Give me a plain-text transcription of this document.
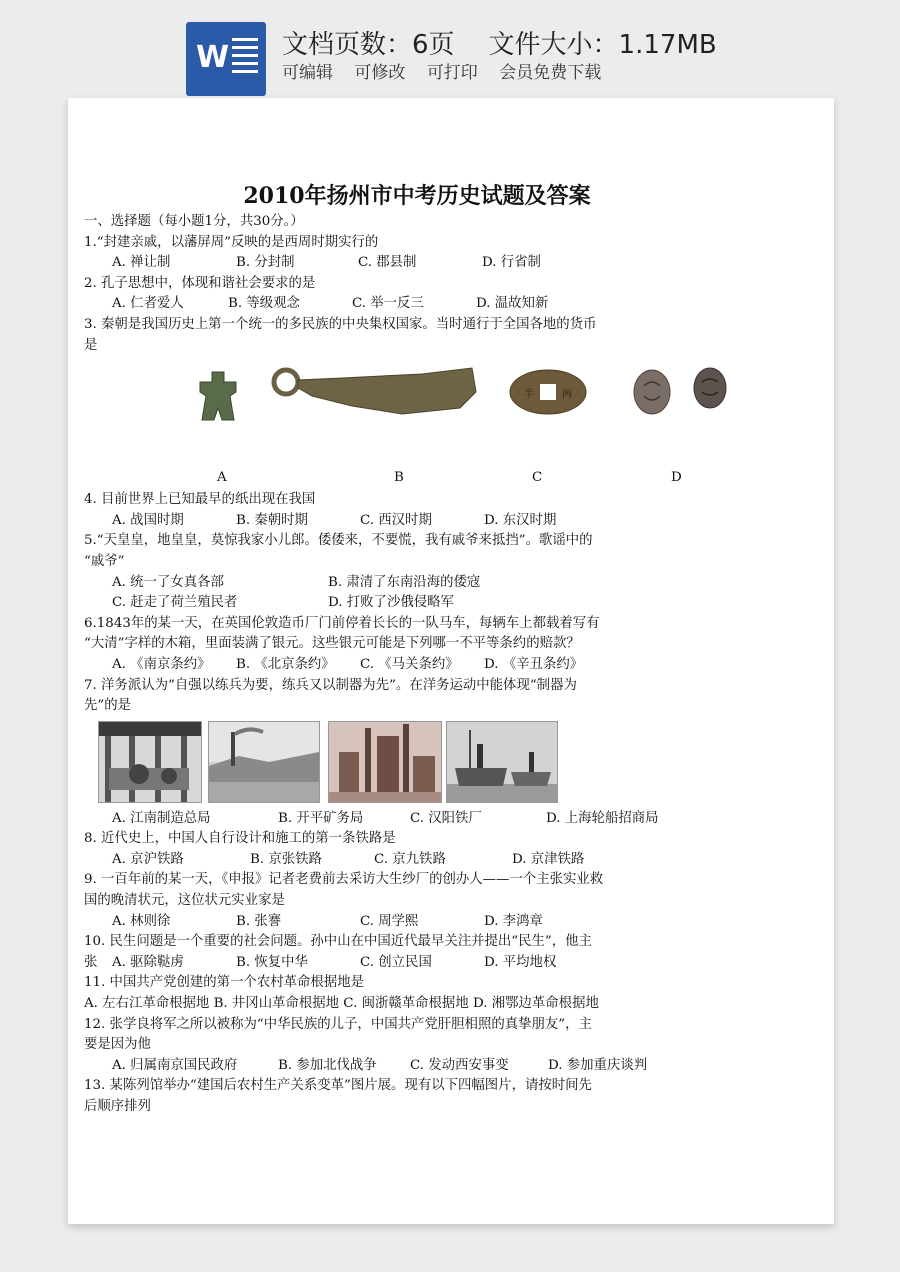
W 文档页数：6页 文件大小：1.17MB
可编辑 可修改 可打印 会员免费下载
2010年扬州市中考历史试题及答案
一、选择题（每小题1分，共30分。）
1.“封建亲戚，以藩屏周”反映的是西周时期实行的
A. 禅让制	B. 分封制	C. 郡县制	D. 行省制
2. 孔子思想中，体现和谐社会要求的是
A. 仁者爱人	B. 等级观念	C. 举一反三	D. 温故知新
3. 秦朝是我国历史上第一个统一的多民族的中央集权国家。当时通行于全国各地的货币
是
半	两
A	B	C	D
4. 目前世界上已知最早的纸出现在我国
A. 战国时期	B. 秦朝时期	C. 西汉时期	D. 东汉时期
5.“天皇皇，地皇皇，莫惊我家小儿郎。倭倭来，不要慌，我有戚爷来抵挡”。歌谣中的
“戚爷”
A. 统一了女真各部	B. 肃清了东南沿海的倭寇
C. 赶走了荷兰殖民者	D. 打败了沙俄侵略军
6.1843年的某一天，在英国伦敦造币厂门前停着长长的一队马车，每辆车上都载着写有
“大清”字样的木箱，里面装满了银元。这些银元可能是下列哪一不平等条约的赔款？
A. 《南京条约》 B. 《北京条约》 C. 《马关条约》 D. 《辛丑条约》
7. 洋务派认为“自强以练兵为要，练兵又以制器为先”。在洋务运动中能体现“制器为
先”的是
A. 江南制造总局	B. 开平矿务局	C. 汉阳铁厂	D. 上海轮船招商局
8. 近代史上，中国人自行设计和施工的第一条铁路是
A. 京沪铁路	B. 京张铁路	C. 京九铁路	D. 京津铁路
9. 一百年前的某一天，《申报》记者老费前去采访大生纱厂的创办人——一个主张实业救
国的晚清状元，这位状元实业家是
A. 林则徐	B. 张謇	C. 周学熙	D. 李鸿章
10. 民生问题是一个重要的社会问题。孙中山在中国近代最早关注并提出“民生”，他主
张 A. 驱除鞑虏	B. 恢复中华	C. 创立民国	D. 平均地权
11. 中国共产党创建的第一个农村革命根据地是
A. 左右江革命根据地 B. 井冈山革命根据地 C. 闽浙赣革命根据地 D. 湘鄂边革命根据地
12. 张学良将军之所以被称为“中华民族的儿子，中国共产党肝胆相照的真挚朋友”，主
要是因为他
A. 归属南京国民政府	B. 参加北伐战争 C. 发动西安事变	D. 参加重庆谈判
13. 某陈列馆举办“建国后农村生产关系变革”图片展。现有以下四幅图片，请按时间先
后顺序排列
